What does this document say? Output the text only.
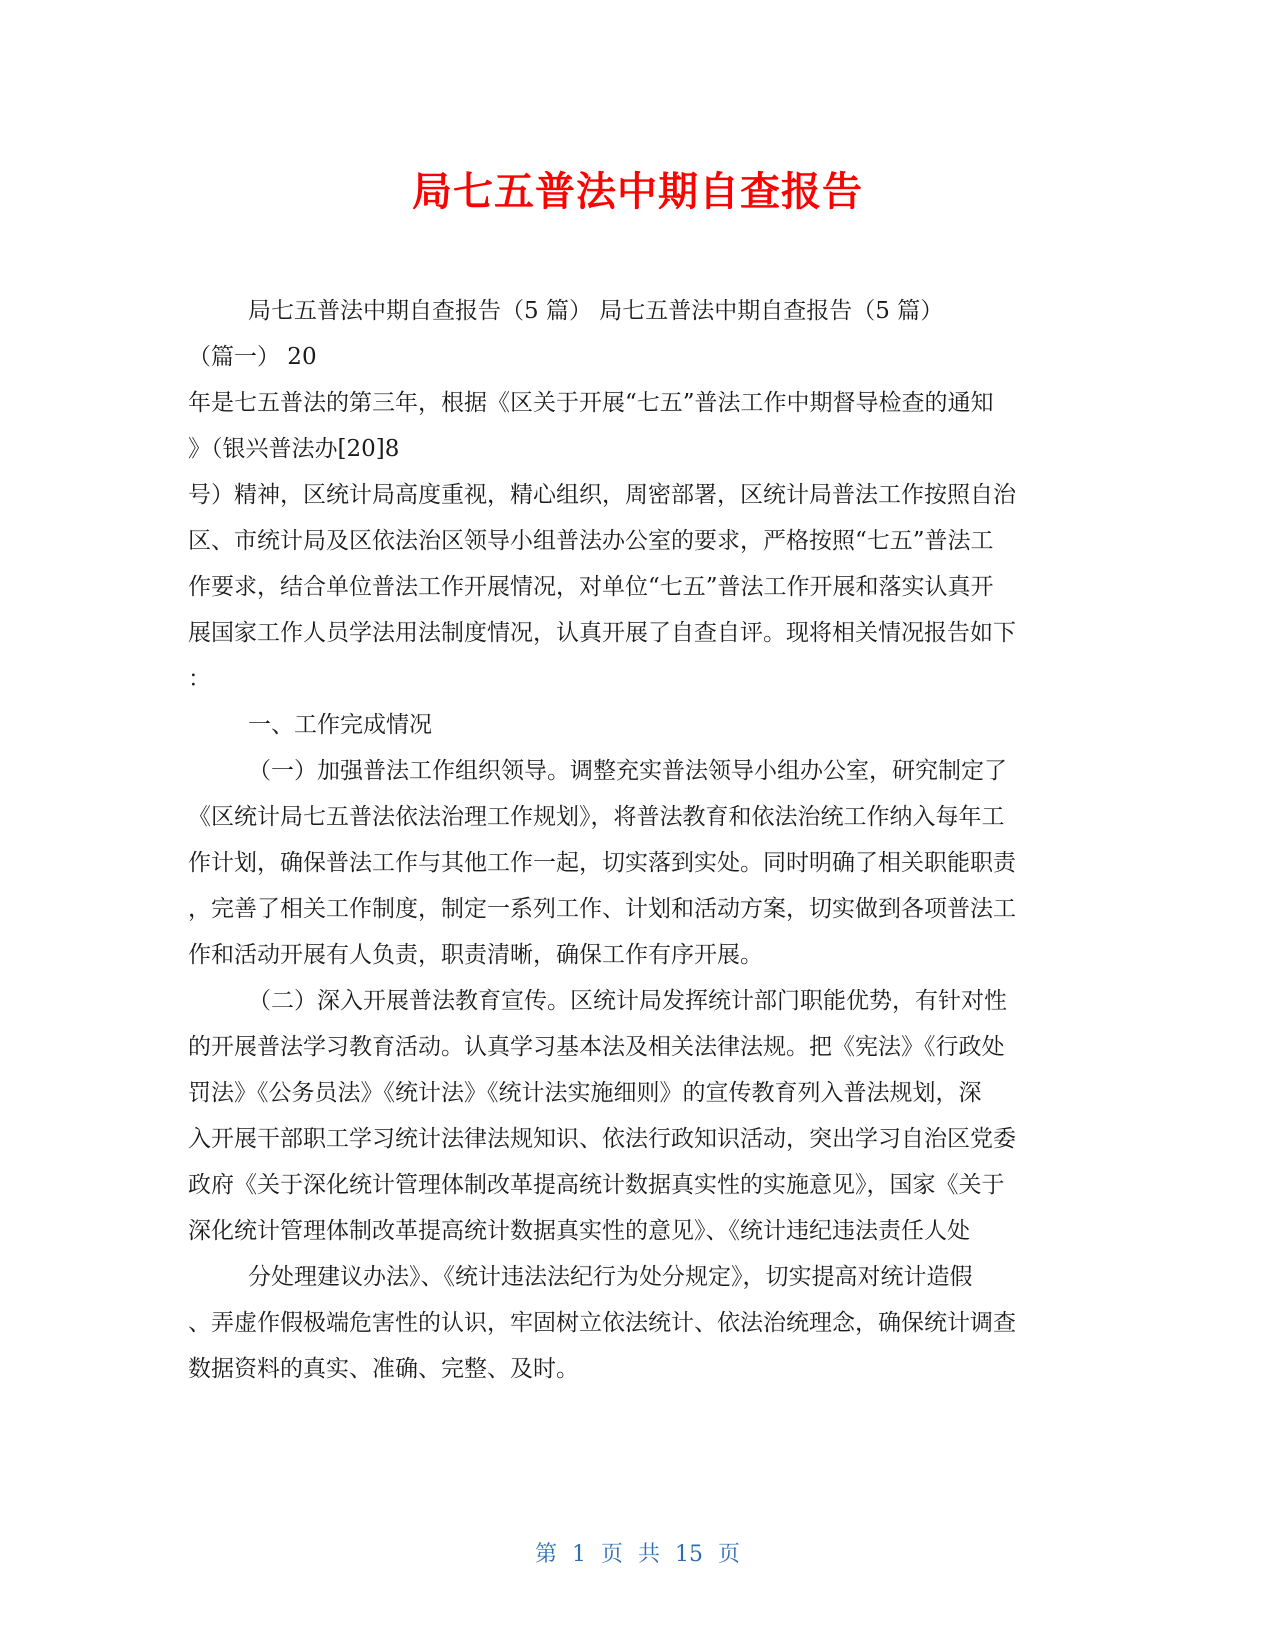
局七五普法中期自查报告
局七五普法中期自查报告（5 篇） 局七五普法中期自查报告（5 篇）
（篇一） 20
年是七五普法的第三年，根据《区关于开展“七五”普法工作中期督导检查的通知
》（银兴普法办[20]8
号）精神，区统计局高度重视，精心组织，周密部署，区统计局普法工作按照自治
区、市统计局及区依法治区领导小组普法办公室的要求，严格按照“七五”普法工
作要求，结合单位普法工作开展情况，对单位“七五”普法工作开展和落实认真开
展国家工作人员学法用法制度情况，认真开展了自查自评。现将相关情况报告如下
：
一、工作完成情况
（一）加强普法工作组织领导。调整充实普法领导小组办公室，研究制定了
《区统计局七五普法依法治理工作规划》，将普法教育和依法治统工作纳入每年工
作计划，确保普法工作与其他工作一起，切实落到实处。同时明确了相关职能职责
，完善了相关工作制度，制定一系列工作、计划和活动方案，切实做到各项普法工
作和活动开展有人负责，职责清晰，确保工作有序开展。
（二）深入开展普法教育宣传。区统计局发挥统计部门职能优势，有针对性
的开展普法学习教育活动。认真学习基本法及相关法律法规。把《宪法》《行政处
罚法》《公务员法》《统计法》《统计法实施细则》的宣传教育列入普法规划，深
入开展干部职工学习统计法律法规知识、依法行政知识活动，突出学习自治区党委
政府《关于深化统计管理体制改革提高统计数据真实性的实施意见》，国家《关于
深化统计管理体制改革提高统计数据真实性的意见》、《统计违纪违法责任人处
分处理建议办法》、《统计违法法纪行为处分规定》，切实提高对统计造假
、弄虚作假极端危害性的认识，牢固树立依法统计、依法治统理念，确保统计调查
数据资料的真实、准确、完整、及时。
第 1 页 共 15 页
